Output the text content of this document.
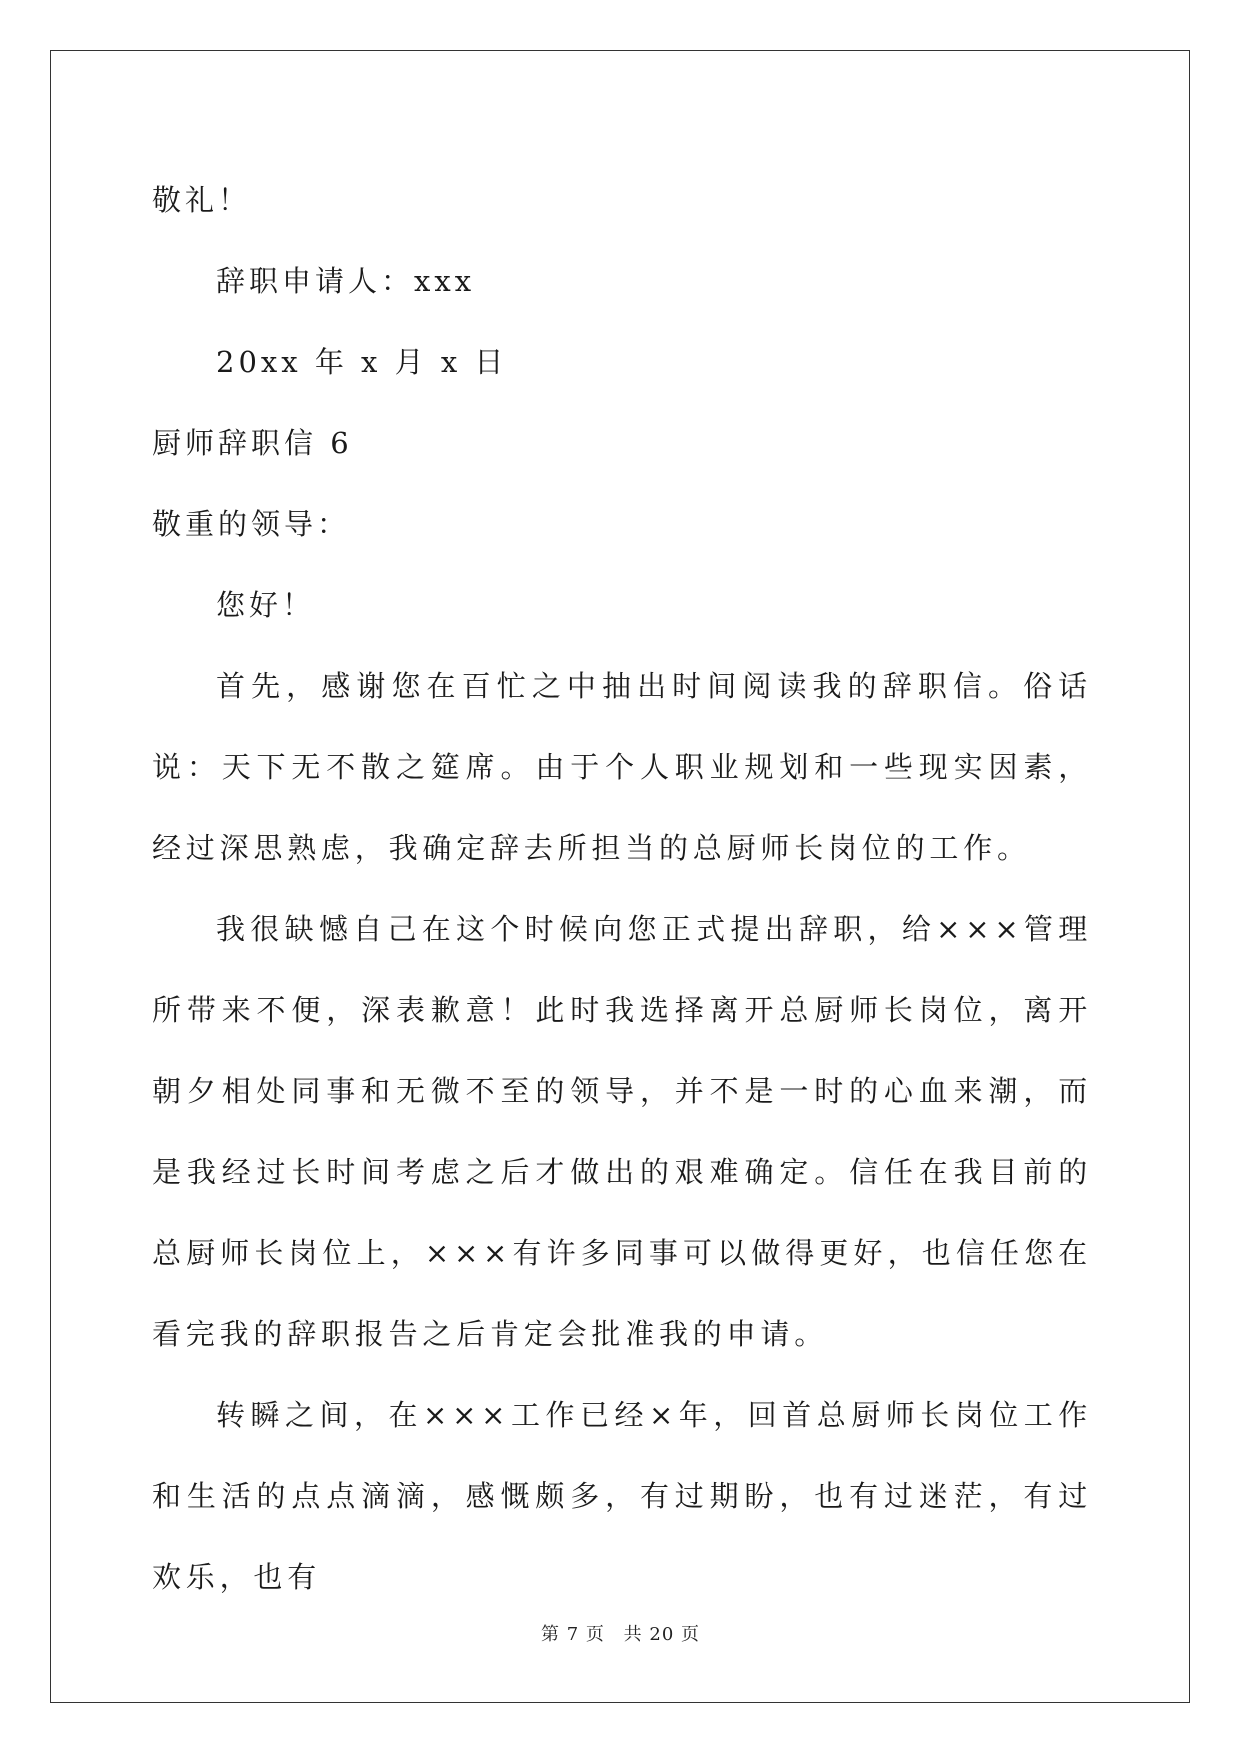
敬礼！
辞职申请人：xxx
20xx 年 x 月 x 日
厨师辞职信 6
敬重的领导：
您好！
首先，感谢您在百忙之中抽出时间阅读我的辞职信。俗话说：天下无不散之筵席。由于个人职业规划和一些现实因素，经过深思熟虑，我确定辞去所担当的总厨师长岗位的工作。
我很缺憾自己在这个时候向您正式提出辞职，给×××管理所带来不便，深表歉意！此时我选择离开总厨师长岗位，离开朝夕相处同事和无微不至的领导，并不是一时的心血来潮，而是我经过长时间考虑之后才做出的艰难确定。信任在我目前的总厨师长岗位上，×××有许多同事可以做得更好，也信任您在看完我的辞职报告之后肯定会批准我的申请。
转瞬之间，在×××工作已经×年，回首总厨师长岗位工作和生活的点点滴滴，感慨颇多，有过期盼，也有过迷茫，有过欢乐，也有
第 7 页 共 20 页
